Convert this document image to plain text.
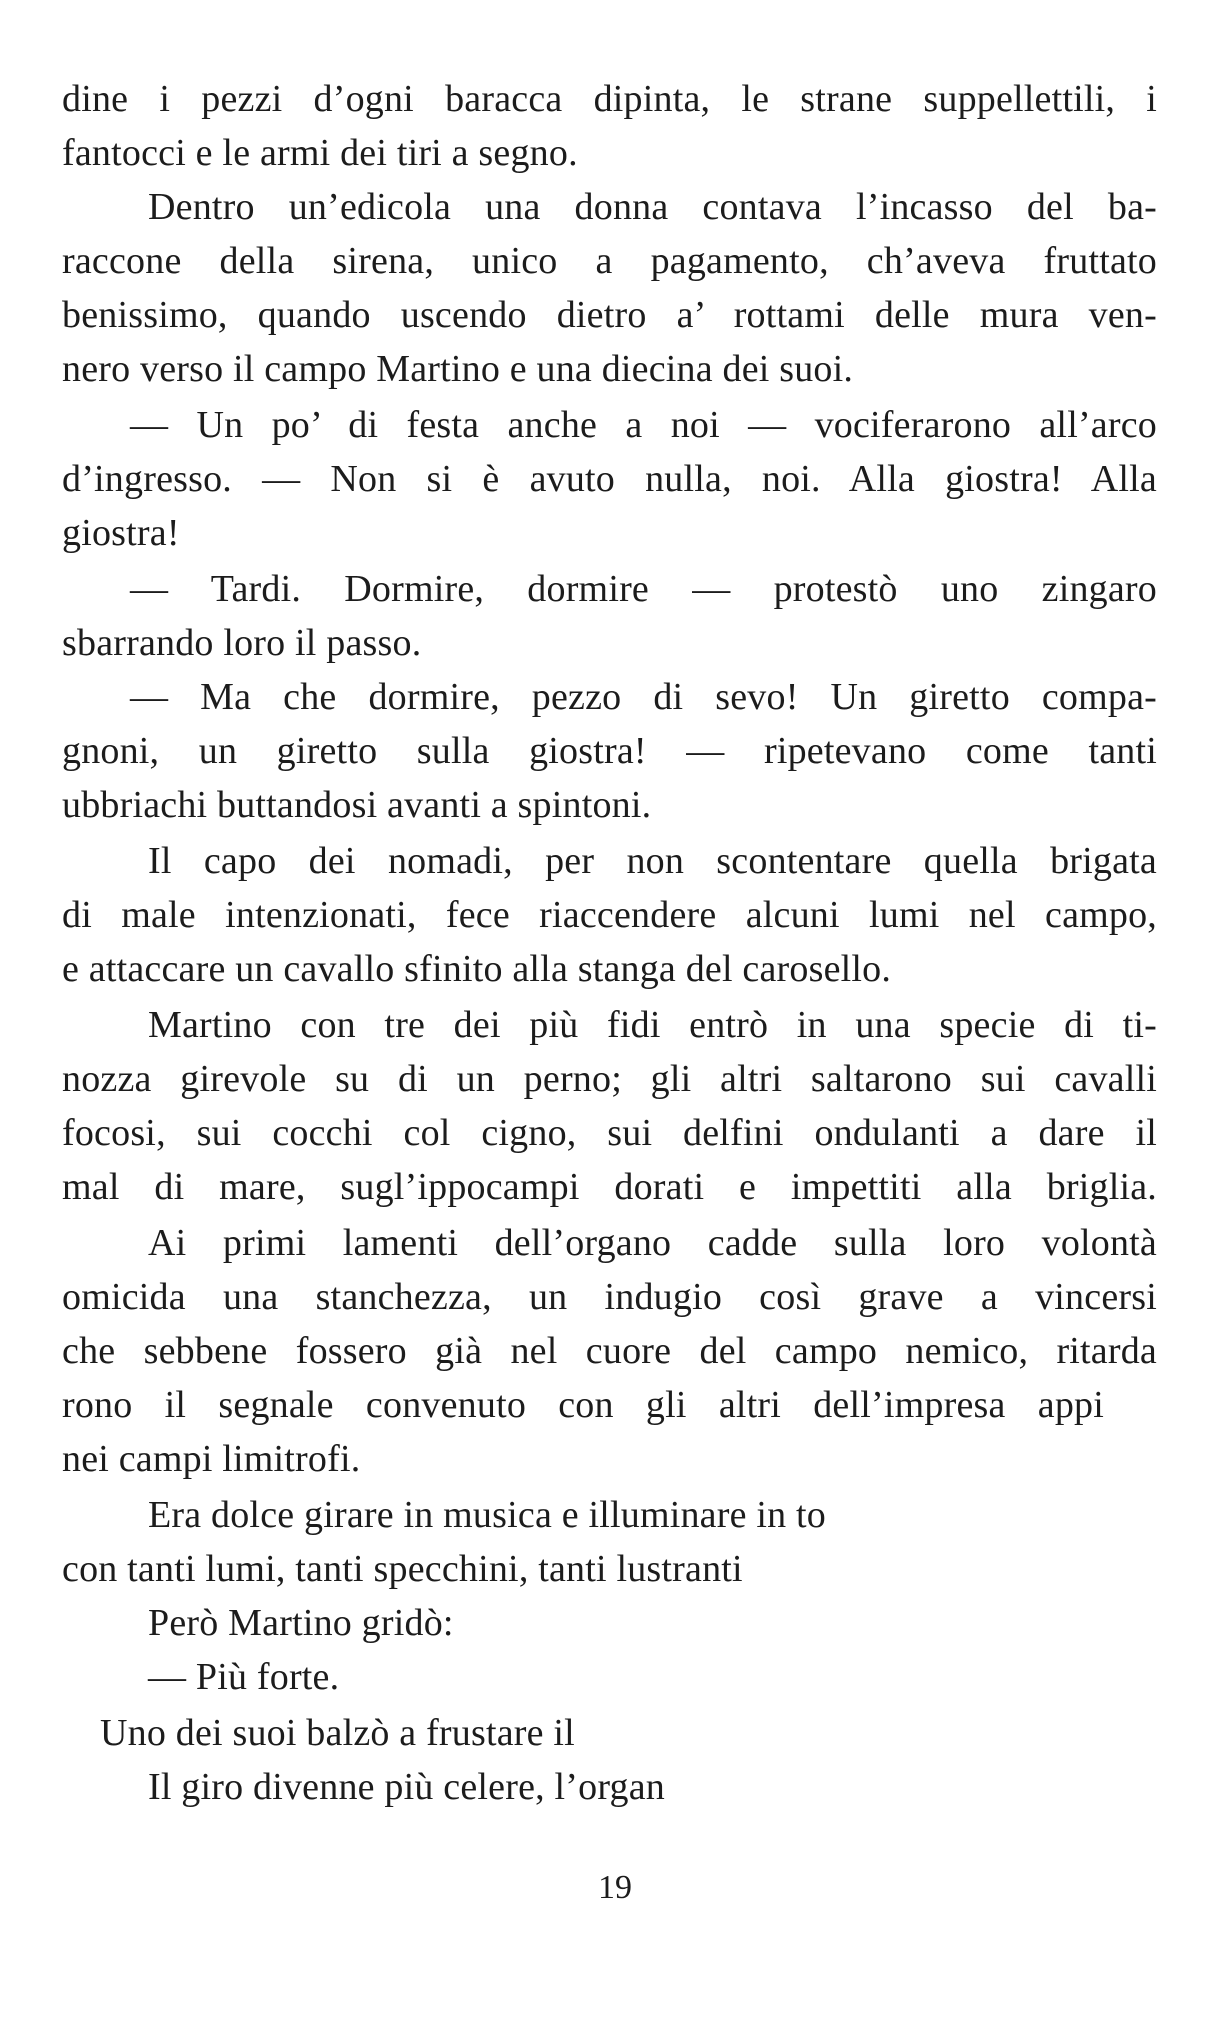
dine i pezzi d’ogni baracca dipinta, le strane suppellettili, i
fantocci e le armi dei tiri a segno.
Dentro un’edicola una donna contava l’incasso del ba-
raccone della sirena, unico a pagamento, ch’aveva fruttato
benissimo, quando uscendo dietro a’ rottami delle mura ven-
nero verso il campo Martino e una diecina dei suoi.
— Un po’ di festa anche a noi — vociferarono all’arco
d’ingresso. — Non si è avuto nulla, noi. Alla giostra! Alla
giostra!
— Tardi. Dormire, dormire — protestò uno zingaro
sbarrando loro il passo.
— Ma che dormire, pezzo di sevo! Un giretto compa-
gnoni, un giretto sulla giostra! — ripetevano come tanti
ubbriachi buttandosi avanti a spintoni.
Il capo dei nomadi, per non scontentare quella brigata
di male intenzionati, fece riaccendere alcuni lumi nel campo,
e attaccare un cavallo sfinito alla stanga del carosello.
Martino con tre dei più fidi entrò in una specie di ti-
nozza girevole su di un perno; gli altri saltarono sui cavalli
focosi, sui cocchi col cigno, sui delfini ondulanti a dare il
mal di mare, sugl’ippocampi dorati e impettiti alla briglia.
Ai primi lamenti dell’organo cadde sulla loro volontà
omicida una stanchezza, un indugio così grave a vincersi
che sebbene fossero già nel cuore del campo nemico, ritarda
rono il segnale convenuto con gli altri dell’impresa appi
nei campi limitrofi.
Era dolce girare in musica e illuminare in to
con tanti lumi, tanti specchini, tanti lustranti
Però Martino gridò:
— Più forte.
Uno dei suoi balzò a frustare il
Il giro divenne più celere, l’organ
19
